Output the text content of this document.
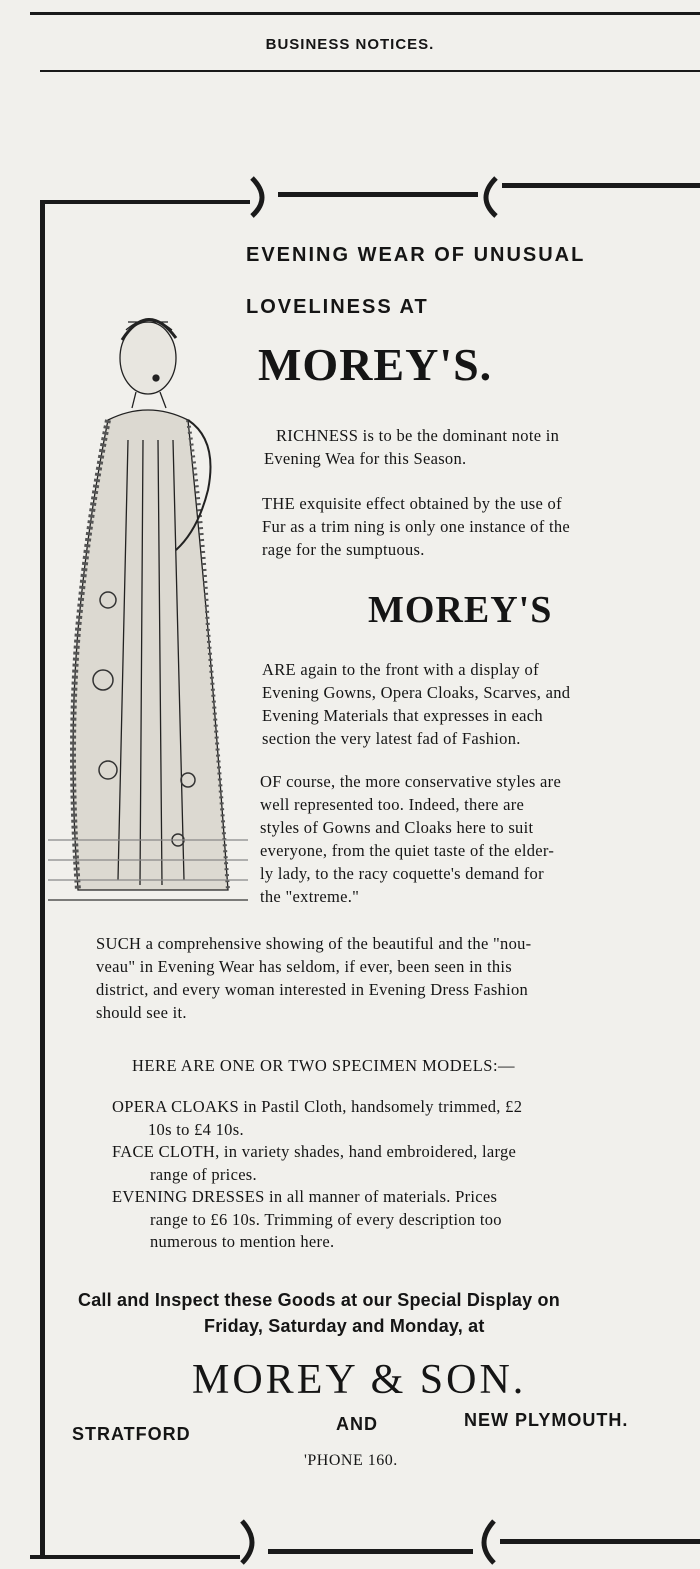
BUSINESS NOTICES.
EVENING WEAR OF UNUSUAL
LOVELINESS AT
MOREY'S.
RICHNESS is to be the dominant note in
Evening Wea for this Season.
THE exquisite effect obtained by the use of
Fur as a trim ning is only one instance of the
rage for the sumptuous.
MOREY'S
ARE again to the front with a display of
Evening Gowns, Opera Cloaks, Scarves, and
Evening Materials that expresses in each
section the very latest fad of Fashion.
OF course, the more conservative styles are
well represented too. Indeed, there are
styles of Gowns and Cloaks here to suit
everyone, from the quiet taste of the elder-
ly lady, to the racy coquette's demand for
the "extreme."
SUCH a comprehensive showing of the beautiful and the "nou-
veau" in Evening Wear has seldom, if ever, been seen in this
district, and every woman interested in Evening Dress Fashion
should see it.
HERE ARE ONE OR TWO SPECIMEN MODELS:—
OPERA CLOAKS in Pastil Cloth, handsomely trimmed, £2
10s to £4 10s.
FACE CLOTH, in variety shades, hand embroidered, large
range of prices.
EVENING DRESSES in all manner of materials. Prices
range to £6 10s. Trimming of every description too
numerous to mention here.
Call and Inspect these Goods at our Special Display on
Friday, Saturday and Monday, at
MOREY & SON.
STRATFORD	AND	NEW PLYMOUTH.
'PHONE 160.
